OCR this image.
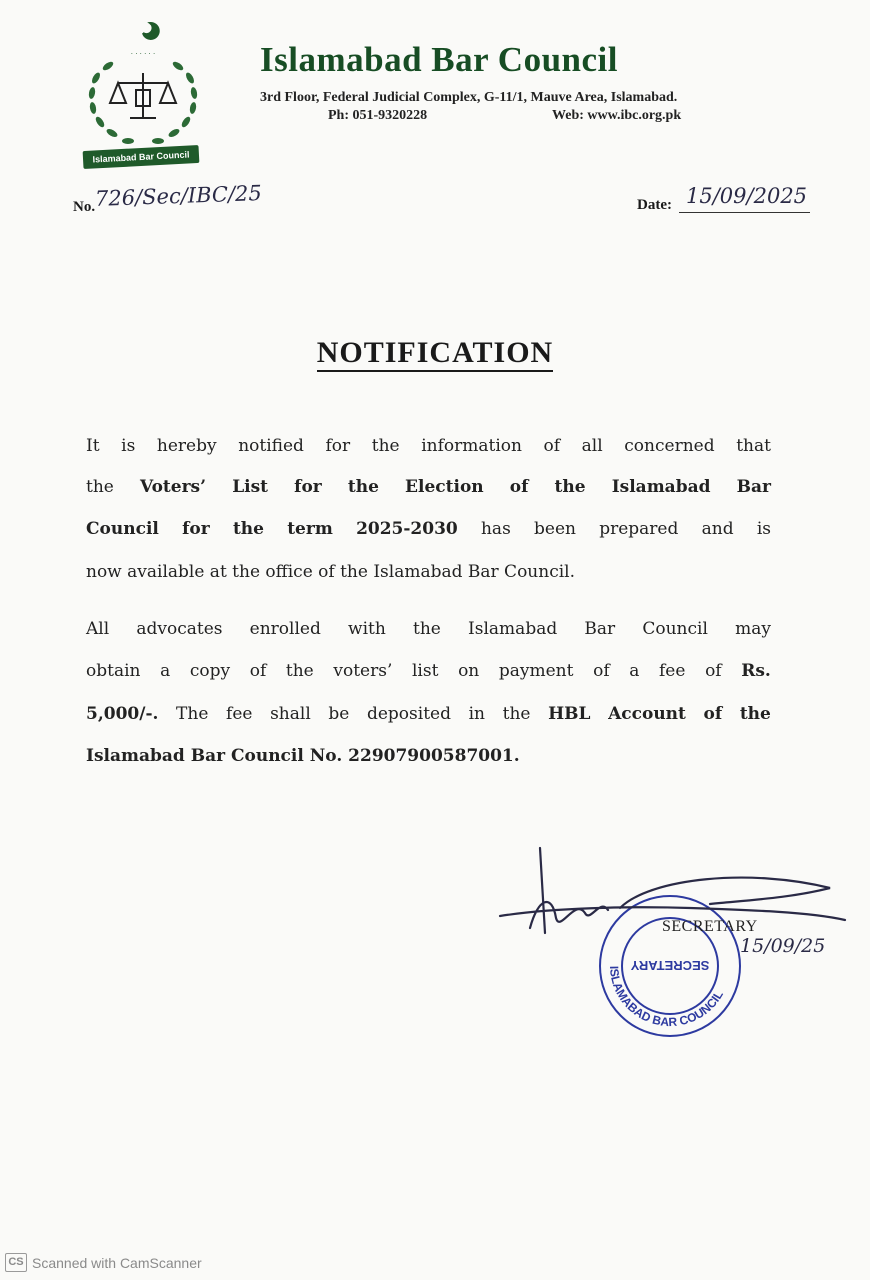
· · · · · ·
Islamabad Bar Council
Islamabad Bar Council
3rd Floor, Federal Judicial Complex, G-11/1, Mauve Area, Islamabad.
Ph: 051-9320228	Web: www.ibc.org.pk
No. 726/Sec/IBC/25	Date: 15/09/2025
NOTIFICATION
It is hereby notified for the information of all concerned that
the Voters’ List for the Election of the Islamabad Bar
Council for the term 2025-2030 has been prepared and is
now available at the office of the Islamabad Bar Council.
All advocates enrolled with the Islamabad Bar Council may
obtain a copy of the voters’ list on payment of a fee of Rs.
5,000/-. The fee shall be deposited in the HBL Account of the
Islamabad Bar Council No. 22907900587001.
SECRETARY
ISLAMABAD BAR COUNCIL
SECRETARY
15/09/25
CS Scanned with CamScanner
